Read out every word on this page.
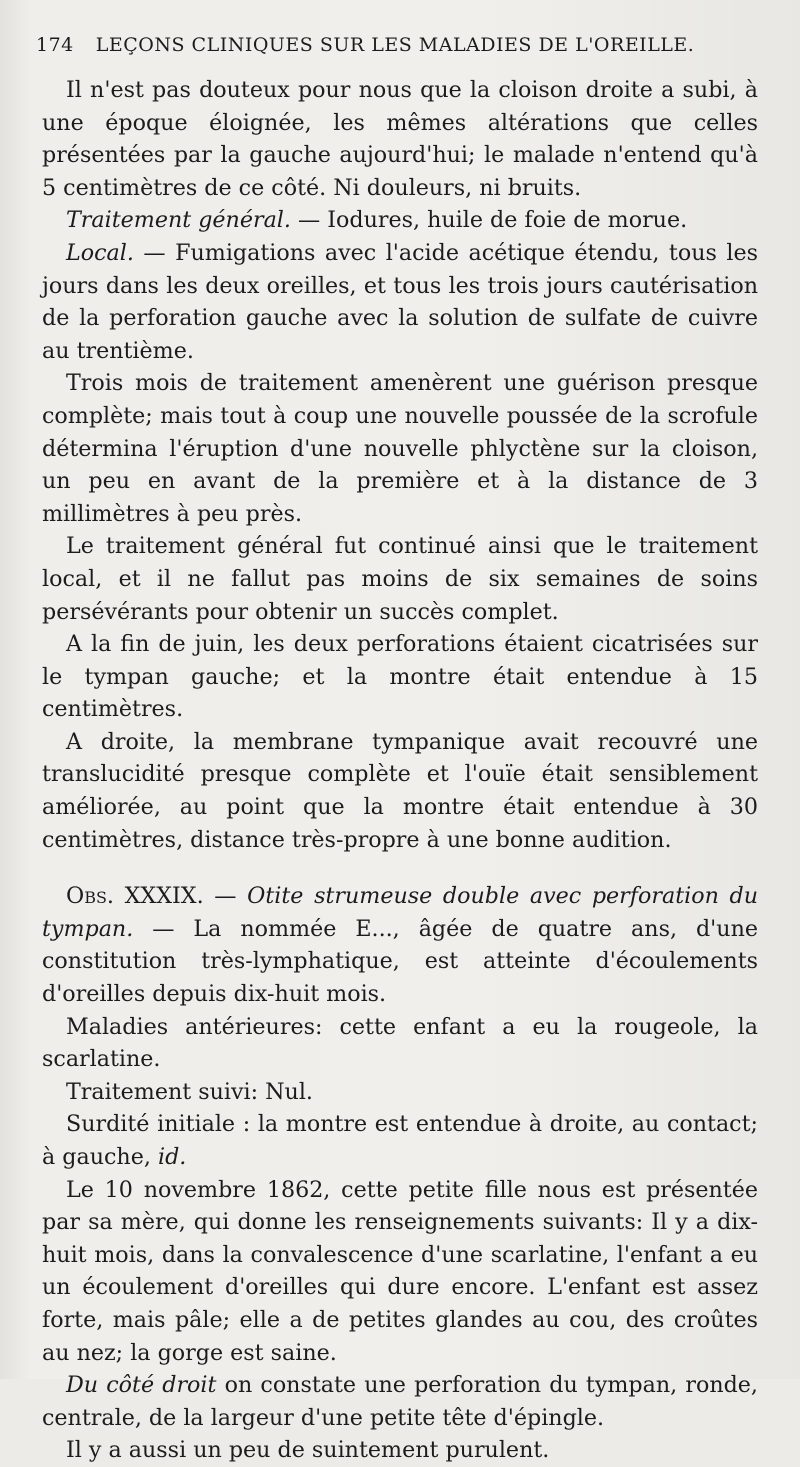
174 LEÇONS CLINIQUES SUR LES MALADIES DE L'OREILLE.

Il n'est pas douteux pour nous que la cloison droite a subi, à une époque éloignée, les mêmes altérations que celles présentées par la gauche aujourd'hui; le malade n'entend qu'à 5 centimètres de ce côté. Ni douleurs, ni bruits.

Traitement général. — Iodures, huile de foie de morue.

Local. — Fumigations avec l'acide acétique étendu, tous les jours dans les deux oreilles, et tous les trois jours cautérisation de la perforation gauche avec la solution de sulfate de cuivre au trentième.

Trois mois de traitement amenèrent une guérison presque complète; mais tout à coup une nouvelle poussée de la scrofule détermina l'éruption d'une nouvelle phlyctène sur la cloison, un peu en avant de la première et à la distance de 3 millimètres à peu près.

Le traitement général fut continué ainsi que le traitement local, et il ne fallut pas moins de six semaines de soins persévérants pour obtenir un succès complet.

A la fin de juin, les deux perforations étaient cicatrisées sur le tympan gauche; et la montre était entendue à 15 centimètres.

A droite, la membrane tympanique avait recouvré une translucidité presque complète et l'ouïe était sensiblement améliorée, au point que la montre était entendue à 30 centimètres, distance très-propre à une bonne audition.

Obs. XXXIX. — Otite strumeuse double avec perforation du tympan. — La nommée E..., âgée de quatre ans, d'une constitution très-lymphatique, est atteinte d'écoulements d'oreilles depuis dix-huit mois.

Maladies antérieures: cette enfant a eu la rougeole, la scarlatine.

Traitement suivi: Nul.

Surdité initiale : la montre est entendue à droite, au contact; à gauche, id.

Le 10 novembre 1862, cette petite fille nous est présentée par sa mère, qui donne les renseignements suivants: Il y a dix-huit mois, dans la convalescence d'une scarlatine, l'enfant a eu un écoulement d'oreilles qui dure encore. L'enfant est assez forte, mais pâle; elle a de petites glandes au cou, des croûtes au nez; la gorge est saine.

Du côté droit on constate une perforation du tympan, ronde, centrale, de la largeur d'une petite tête d'épingle.

Il y a aussi un peu de suintement purulent.
